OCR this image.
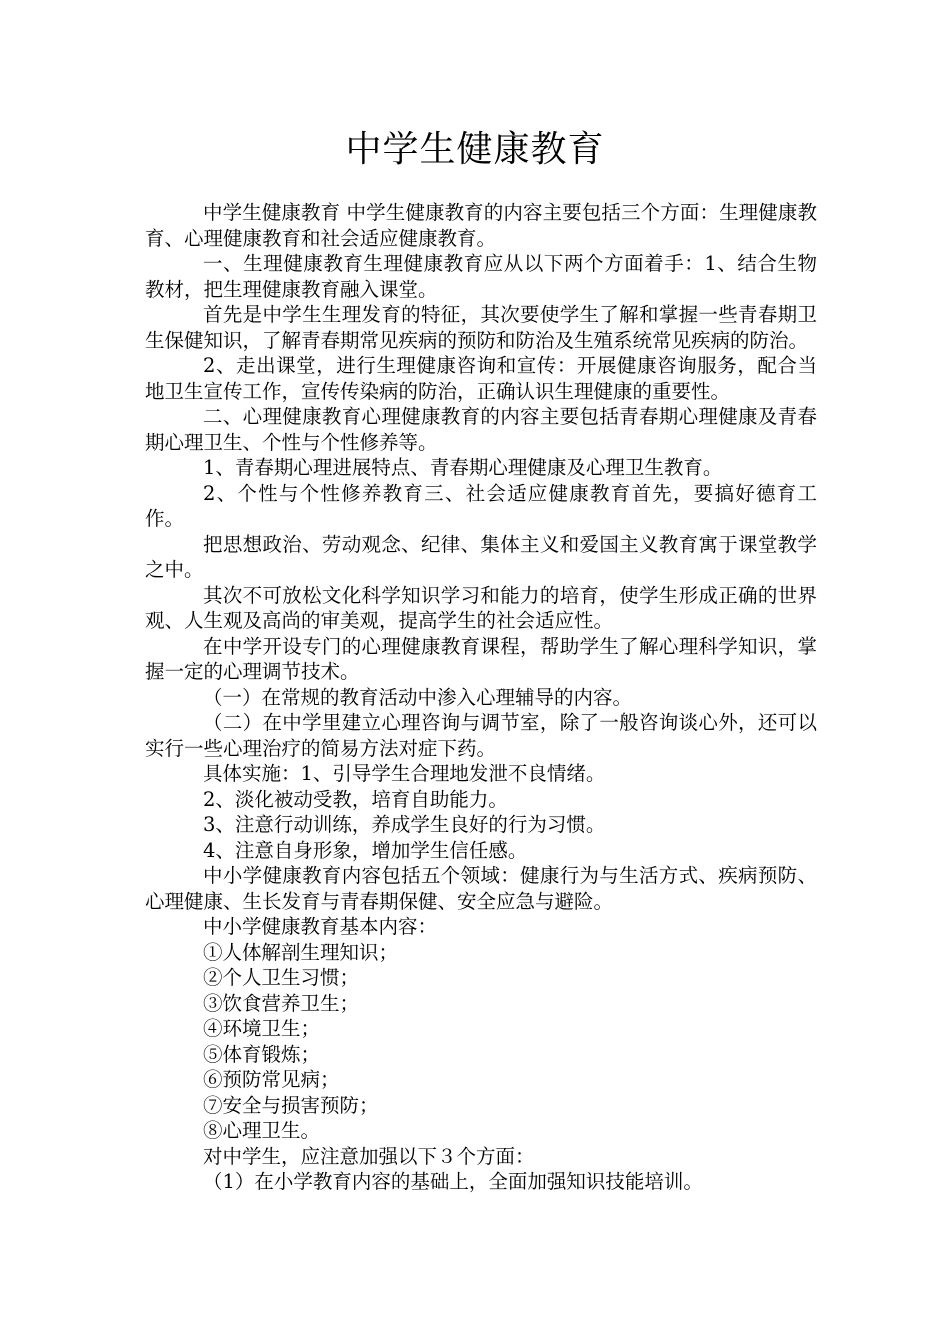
中学生健康教育

中学生健康教育 中学生健康教育的内容主要包括三个方面：生理健康教育、心理健康教育和社会适应健康教育。

一、生理健康教育生理健康教育应从以下两个方面着手：1、结合生物教材，把生理健康教育融入课堂。

首先是中学生生理发育的特征，其次要使学生了解和掌握一些青春期卫生保健知识，了解青春期常见疾病的预防和防治及生殖系统常见疾病的防治。

2、走出课堂，进行生理健康咨询和宣传：开展健康咨询服务，配合当地卫生宣传工作，宣传传染病的防治，正确认识生理健康的重要性。

二、心理健康教育心理健康教育的内容主要包括青春期心理健康及青春期心理卫生、个性与个性修养等。

1、青春期心理进展特点、青春期心理健康及心理卫生教育。

2、个性与个性修养教育三、社会适应健康教育首先，要搞好德育工作。

把思想政治、劳动观念、纪律、集体主义和爱国主义教育寓于课堂教学之中。

其次不可放松文化科学知识学习和能力的培育，使学生形成正确的世界观、人生观及高尚的审美观，提高学生的社会适应性。

在中学开设专门的心理健康教育课程，帮助学生了解心理科学知识，掌握一定的心理调节技术。

（一）在常规的教育活动中渗入心理辅导的内容。

（二）在中学里建立心理咨询与调节室，除了一般咨询谈心外，还可以实行一些心理治疗的简易方法对症下药。

具体实施：1、引导学生合理地发泄不良情绪。

2、淡化被动受教，培育自助能力。

3、注意行动训练，养成学生良好的行为习惯。

4、注意自身形象，增加学生信任感。

中小学健康教育内容包括五个领域：健康行为与生活方式、疾病预防、心理健康、生长发育与青春期保健、安全应急与避险。

中小学健康教育基本内容：

①人体解剖生理知识；

②个人卫生习惯；

③饮食营养卫生；

④环境卫生；

⑤体育锻炼；

⑥预防常见病；

⑦安全与损害预防；

⑧心理卫生。

对中学生，应注意加强以下３个方面：

（1）在小学教育内容的基础上，全面加强知识技能培训。
